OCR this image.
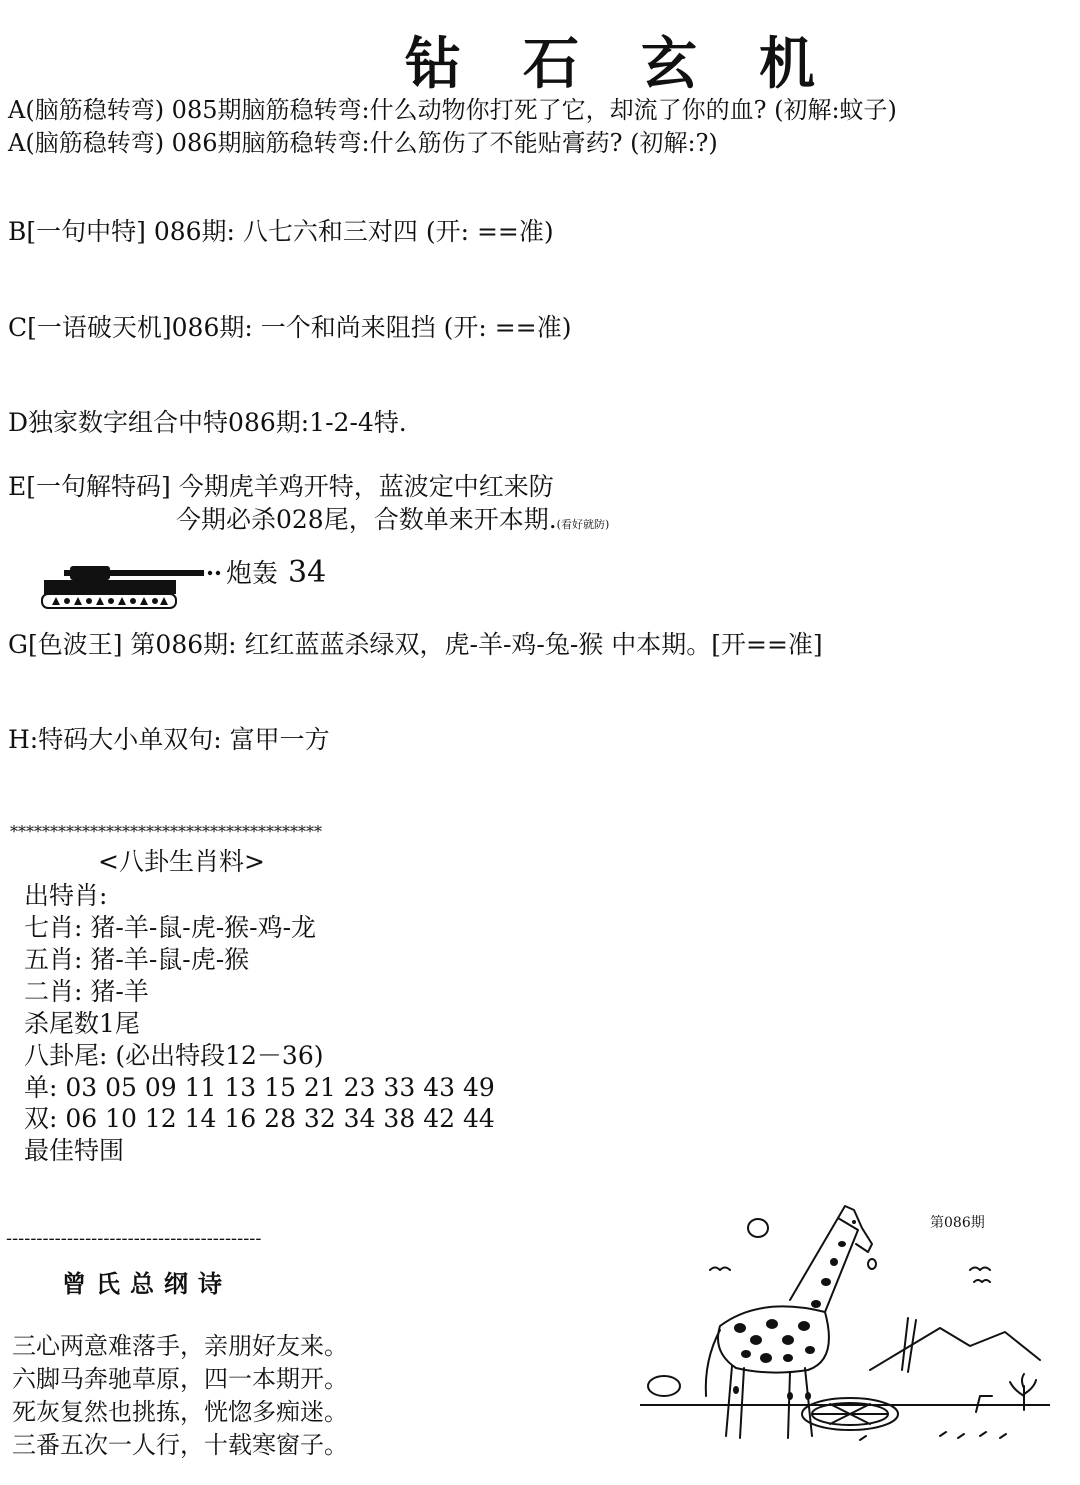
钻石玄机
A(脑筋稳转弯) 085期脑筋稳转弯:什么动物你打死了它，却流了你的血? (初解:蚊子)
A(脑筋稳转弯) 086期脑筋稳转弯:什么筋伤了不能贴膏药? (初解:?)
B[一句中特] 086期: 八七六和三对四 (开: ==准)
C[一语破天机]086期: 一个和尚来阻挡 (开: ==准)
D独家数字组合中特086期:1-2-4特.
E[一句解特码] 今期虎羊鸡开特，蓝波定中红来防
今期必杀028尾，合数单来开本期.(看好就防)
炮轰 34
G[色波王] 第086期: 红红蓝蓝杀绿双，虎-羊-鸡-兔-猴 中本期。[开==准]
H:特码大小单双句: 富甲一方
***************************************
<八卦生肖料>
出特肖:
七肖: 猪-羊-鼠-虎-猴-鸡-龙
五肖: 猪-羊-鼠-虎-猴
二肖: 猪-羊
杀尾数1尾
八卦尾: (必出特段12－36)
单: 03 05 09 11 13 15 21 23 33 43 49
双: 06 10 12 14 16 28 32 34 38 42 44
最佳特围
------------------------------------------
曾氏总纲诗
三心两意难落手，亲朋好友来。
六脚马奔驰草原，四一本期开。
死灰复然也挑拣，恍惚多痴迷。
三番五次一人行，十载寒窗子。
第086期
